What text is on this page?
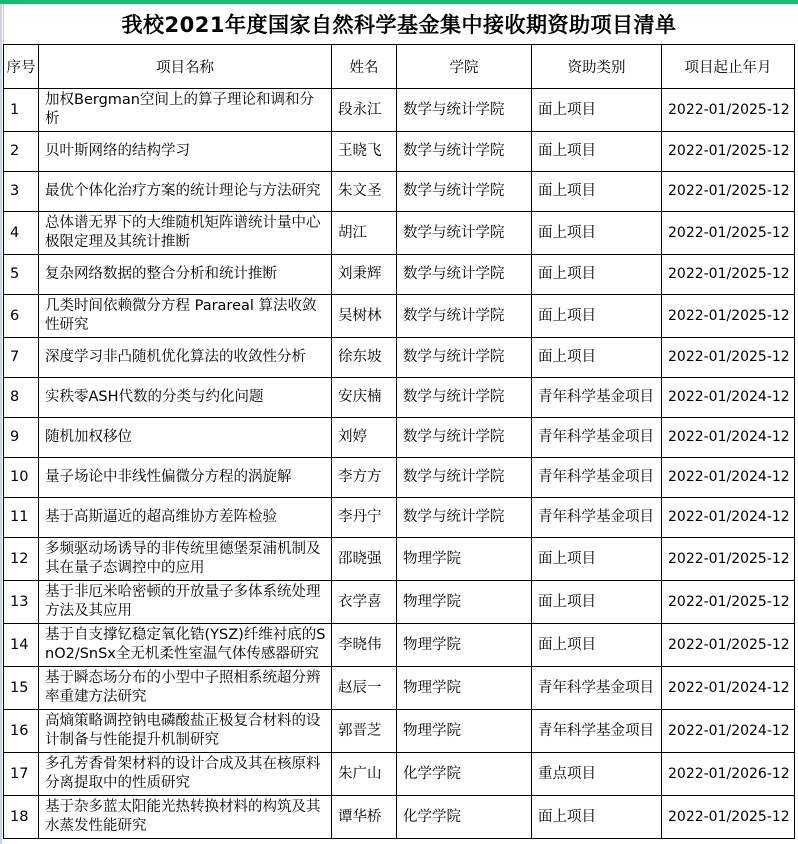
我校2021年度国家自然科学基金集中接收期资助项目清单
序号	项目名称	姓名	学院	资助类别	项目起止年月
1	加权Bergman空间上的算子理论和调和分析	段永江	数学与统计学院	面上项目	2022-01/2025-12
2	贝叶斯网络的结构学习	王晓飞	数学与统计学院	面上项目	2022-01/2025-12
3	最优个体化治疗方案的统计理论与方法研究	朱文圣	数学与统计学院	面上项目	2022-01/2025-12
4	总体谱无界下的大维随机矩阵谱统计量中心极限定理及其统计推断	胡江	数学与统计学院	面上项目	2022-01/2025-12
5	复杂网络数据的整合分析和统计推断	刘秉辉	数学与统计学院	面上项目	2022-01/2025-12
6	几类时间依赖微分方程 Parareal 算法收敛性研究	吴树林	数学与统计学院	面上项目	2022-01/2025-12
7	深度学习非凸随机优化算法的收敛性分析	徐东坡	数学与统计学院	面上项目	2022-01/2025-12
8	实秩零ASH代数的分类与约化问题	安庆楠	数学与统计学院	青年科学基金项目	2022-01/2024-12
9	随机加权移位	刘婷	数学与统计学院	青年科学基金项目	2022-01/2024-12
10	量子场论中非线性偏微分方程的涡旋解	李方方	数学与统计学院	青年科学基金项目	2022-01/2024-12
11	基于高斯逼近的超高维协方差阵检验	李丹宁	数学与统计学院	青年科学基金项目	2022-01/2024-12
12	多频驱动场诱导的非传统里德堡泵浦机制及其在量子态调控中的应用	邵晓强	物理学院	面上项目	2022-01/2025-12
13	基于非厄米哈密顿的开放量子多体系统处理方法及其应用	衣学喜	物理学院	面上项目	2022-01/2025-12
14	基于自支撑钇稳定氧化锆(YSZ)纤维衬底的SnO2/SnSx全无机柔性室温气体传感器研究	李晓伟	物理学院	面上项目	2022-01/2025-12
15	基于瞬态场分布的小型中子照相系统超分辨率重建方法研究	赵辰一	物理学院	青年科学基金项目	2022-01/2024-12
16	高熵策略调控钠电磷酸盐正极复合材料的设计制备与性能提升机制研究	郭晋芝	物理学院	青年科学基金项目	2022-01/2024-12
17	多孔芳香骨架材料的设计合成及其在核原料分离提取中的性质研究	朱广山	化学学院	重点项目	2022-01/2026-12
18	基于杂多蓝太阳能光热转换材料的构筑及其水蒸发性能研究	谭华桥	化学学院	面上项目	2022-01/2025-12
